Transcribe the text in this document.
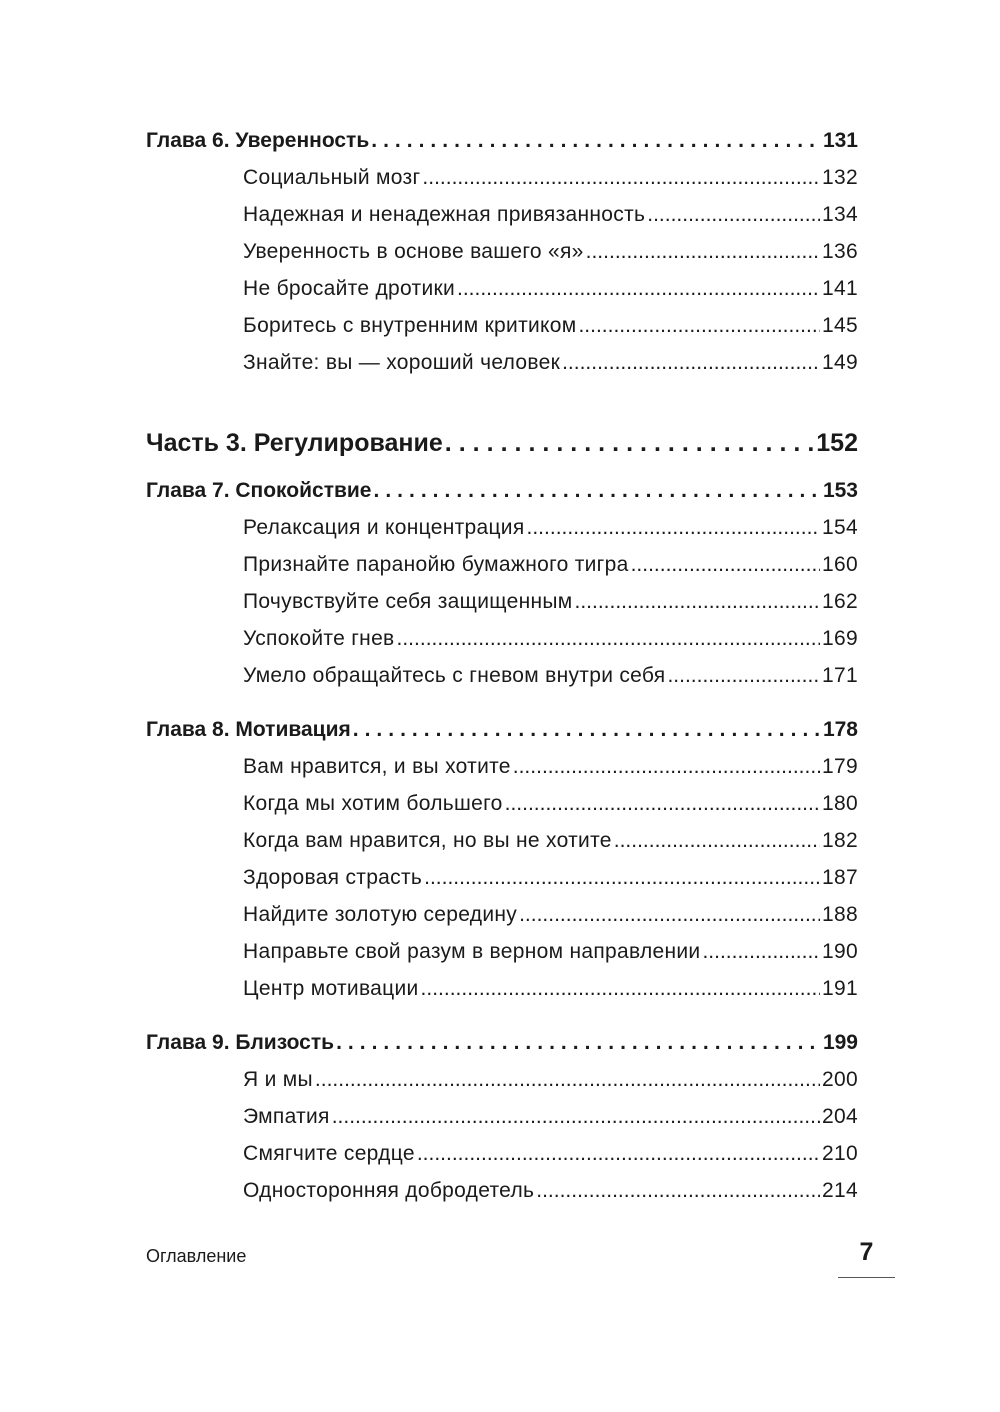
Глава 6. Уверенность .....	131
Социальный мозг .....	132
Надежная и ненадежная привязанность .....	134
Уверенность в основе вашего «я» .....	136
Не бросайте дротики .....	141
Боритесь с внутренним критиком .....	145
Знайте: вы — хороший человек .....	149
Часть 3. Регулирование .....	152
Глава 7. Спокойствие .....	153
Релаксация и концентрация .....	154
Признайте паранойю бумажного тигра .....	160
Почувствуйте себя защищенным .....	162
Успокойте гнев .....	169
Умело обращайтесь с гневом внутри себя .....	171
Глава 8. Мотивация .....	178
Вам нравится, и вы хотите .....	179
Когда мы хотим большего .....	180
Когда вам нравится, но вы не хотите .....	182
Здоровая страсть .....	187
Найдите золотую середину .....	188
Направьте свой разум в верном направлении .....	190
Центр мотивации .....	191
Глава 9. Близость .....	199
Я и мы .....	200
Эмпатия .....	204
Смягчите сердце .....	210
Односторонняя добродетель .....	214
Оглавление	7
